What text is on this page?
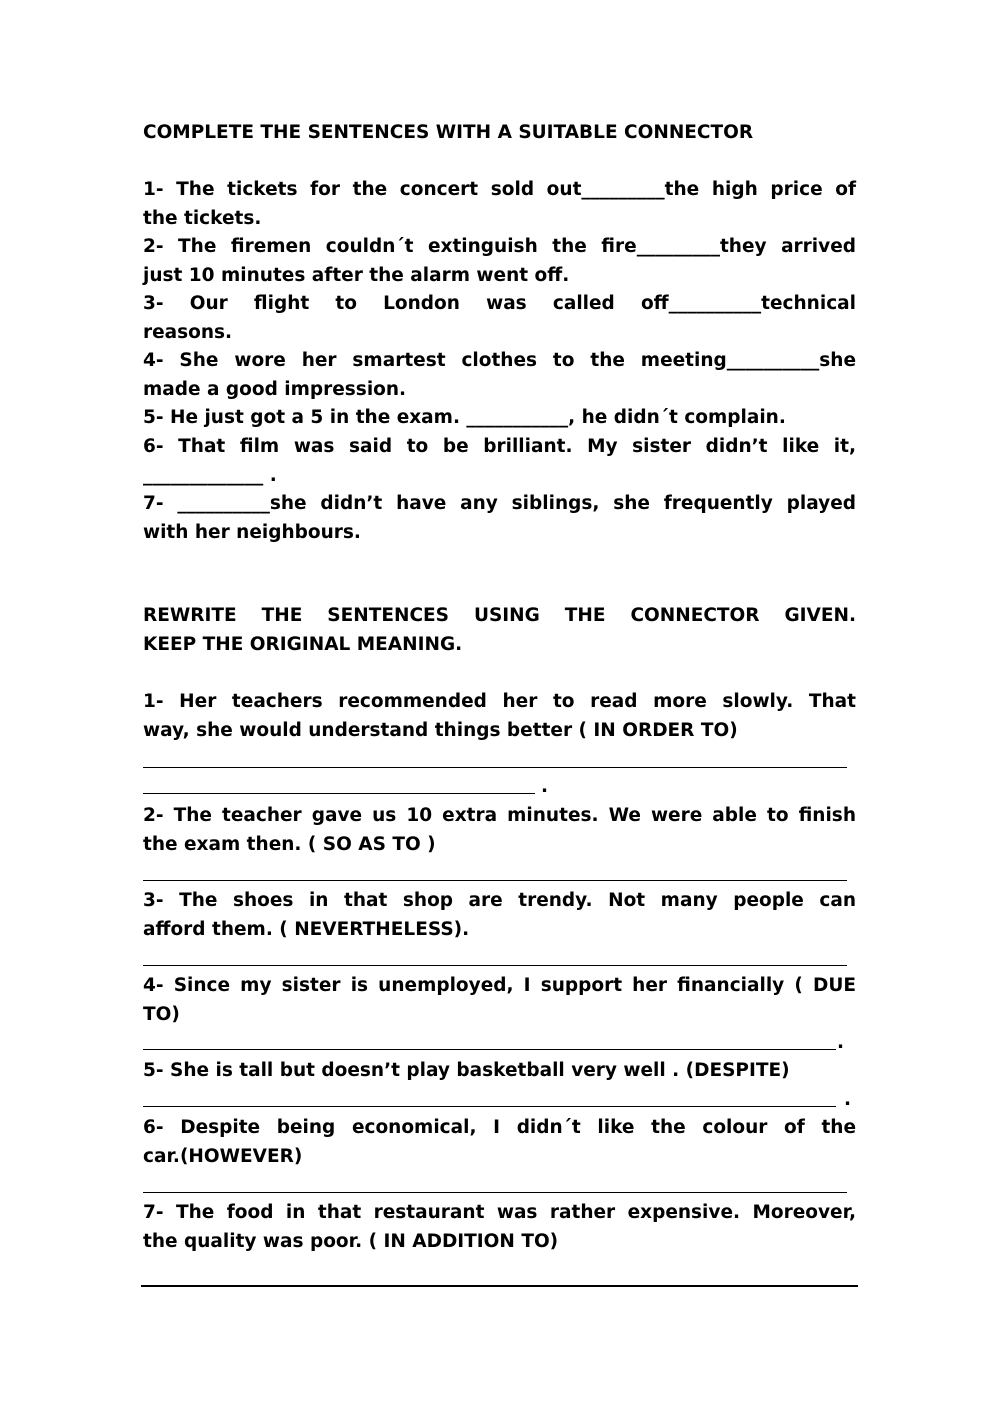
COMPLETE THE SENTENCES WITH A SUITABLE CONNECTOR

1- The tickets for the concert sold out_________the high price of
the tickets.
2- The firemen couldn´t extinguish the fire_________they arrived
just 10 minutes after the alarm went off.
3- Our flight to London was called off__________technical
reasons.
4- She wore her smartest clothes to the meeting__________she
made a good impression.
5- He just got a 5 in the exam. ___________, he didn´t complain.
6- That film was said to be brilliant. My sister didn’t like it,
_____________ .
7- __________she didn’t have any siblings, she frequently played
with her neighbours.
REWRITE THE SENTENCES USING THE CONNECTOR GIVEN.
KEEP THE ORIGINAL MEANING.
1- Her teachers recommended her to read more slowly. That
way, she would understand things better ( IN ORDER TO)
.
2- The teacher gave us 10 extra minutes. We were able to finish
the exam then. ( SO AS TO )
3- The shoes in that shop are trendy. Not many people can
afford them. ( NEVERTHELESS).
4- Since my sister is unemployed, I support her financially ( DUE
TO)
.
5- She is tall but doesn’t play basketball very well . (DESPITE)
.
6- Despite being economical, I didn´t like the colour of the
car.(HOWEVER)
7- The food in that restaurant was rather expensive. Moreover,
the quality was poor. ( IN ADDITION TO)
